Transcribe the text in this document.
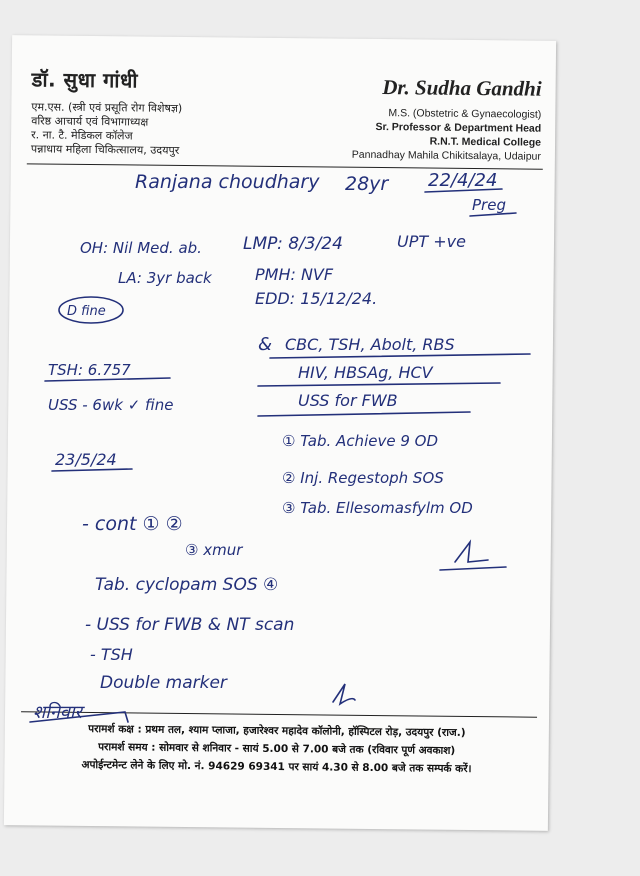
डॉ. सुधा गांधी
एम.एस. (स्त्री एवं प्रसूति रोग विशेषज्ञ)
वरिष्ठ आचार्य एवं विभागाध्यक्ष
र. ना. टै. मेडिकल कॉलेज
पन्नाधाय महिला चिकित्सालय, उदयपुर
Dr. Sudha Gandhi
M.S. (Obstetric & Gynaecologist)
Sr. Professor & Department Head
R.N.T. Medical College
Pannadhay Mahila Chikitsalaya, Udaipur
परामर्श कक्ष : प्रथम तल, श्याम प्लाजा, हजारेश्वर महादेव कॉलोनी, हॉस्पिटल रोड़, उदयपुर (राज.)
परामर्श समय : सोमवार से शनिवार - सायं 5.00 से 7.00 बजे तक (रविवार पूर्ण अवकाश)
अपोईन्टमेन्ट लेने के लिए मो. नं. 94629 69341 पर सायं 4.30 से 8.00 बजे तक सम्पर्क करें।
Ranjana choudhary 28yr 22/4/24
Preg
OH: Nil Med. ab. LMP: 8/3/24	UPT +ve
LA: 3yr back	PMH: NVF
EDD: 15/12/24.
D fine
& CBC, TSH, Abolt, RBS
HIV, HBSAg, HCV
USS for FWB
TSH: 6.757
USS - 6wk ✓ fine
23/5/24
① Tab. Achieve 9 OD
② Inj. Regestoph SOS
③ Tab. Ellesomasfylm OD
- cont ① ②
③ xmur
Tab. cyclopam SOS ④
- USS for FWB & NT scan
- TSH
Double marker
शनिवार
